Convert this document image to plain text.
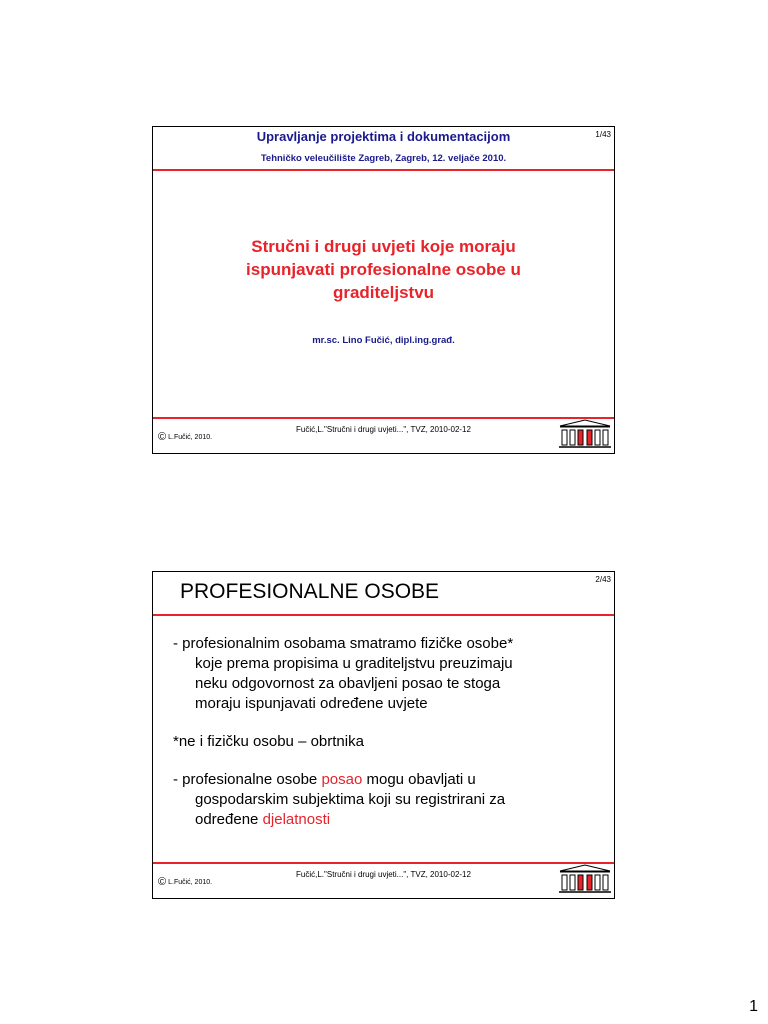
1/43
Upravljanje projektima i dokumentacijom
Tehničko veleučilište Zagreb, Zagreb, 12. veljače 2010.
Stručni i drugi uvjeti koje moraju
ispunjavati profesionalne osobe u
graditeljstvu
mr.sc. Lino Fučić, dipl.ing.građ.
© L.Fučić, 2010.
Fučić,L."Stručni i drugi uvjeti...", TVZ, 2010-02-12
2/43
PROFESIONALNE OSOBE

- profesionalnim osobama smatramo fizičke osobe*
koje prema propisima u graditeljstvu preuzimaju
neku odgovornost za obavljeni posao te stoga
moraju ispunjavati određene uvjete

*ne i fizičku osobu – obrtnika

- profesionalne osobe posao mogu obavljati u
gospodarskim subjektima koji su registrirani za
određene djelatnosti

© L.Fučić, 2010.
Fučić,L."Stručni i drugi uvjeti...", TVZ, 2010-02-12
1
